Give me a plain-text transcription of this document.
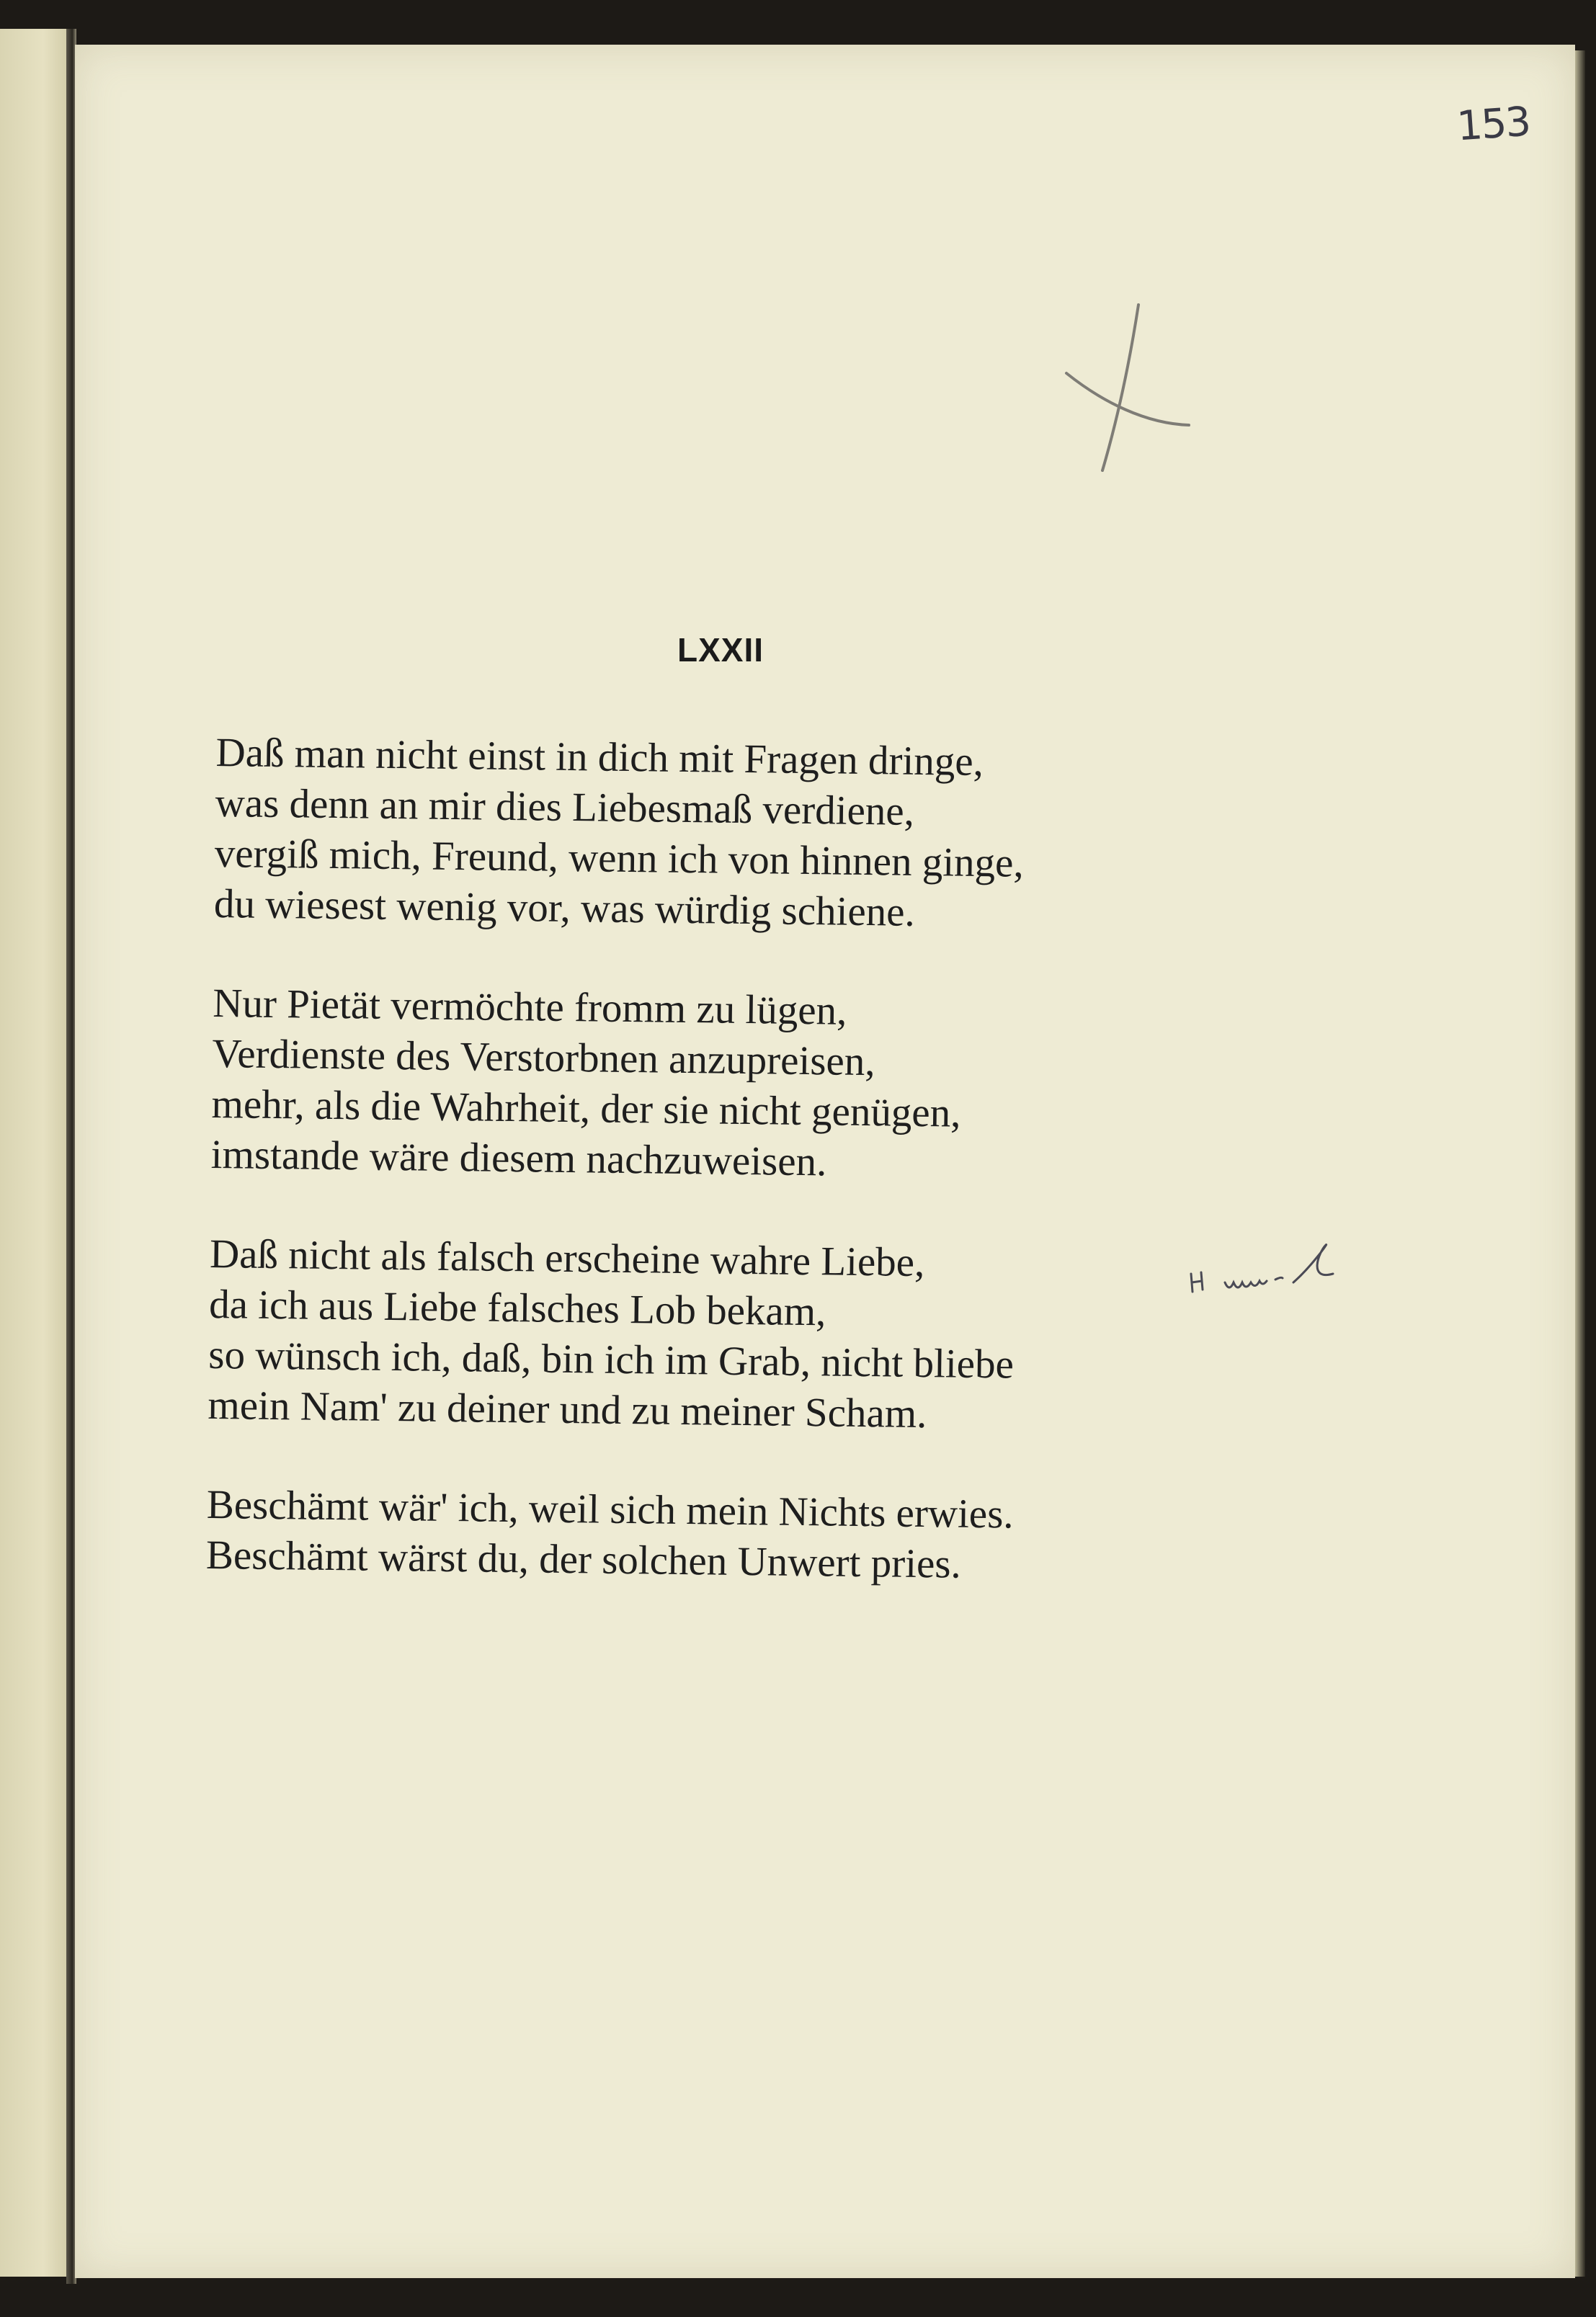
153
LXXII
Daß man nicht einst in dich mit Fragen dringe,
was denn an mir dies Liebesmaß verdiene,
vergiß mich, Freund, wenn ich von hinnen ginge,
du wiesest wenig vor, was würdig schiene.
Nur Pietät vermöchte fromm zu lügen,
Verdienste des Verstorbnen anzupreisen,
mehr, als die Wahrheit, der sie nicht genügen,
imstande wäre diesem nachzuweisen.
Daß nicht als falsch erscheine wahre Liebe,
da ich aus Liebe falsches Lob bekam,
so wünsch ich, daß, bin ich im Grab, nicht bliebe
mein Nam' zu deiner und zu meiner Scham.
Beschämt wär' ich, weil sich mein Nichts erwies.
Beschämt wärst du, der solchen Unwert pries.
